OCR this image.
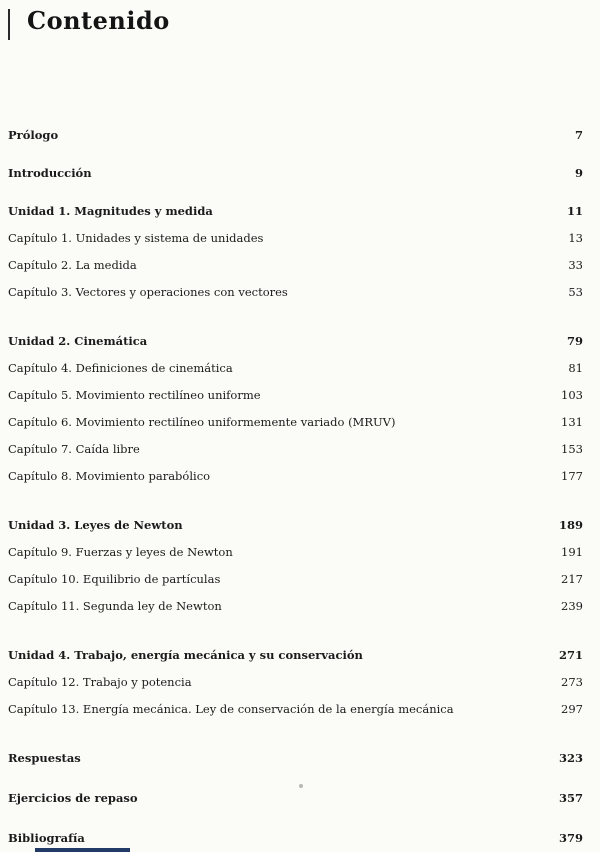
Contenido
Prólogo	7
Introducción	9
Unidad 1. Magnitudes y medida	11
Capítulo 1. Unidades y sistema de unidades	13
Capítulo 2. La medida	33
Capítulo 3. Vectores y operaciones con vectores	53
Unidad 2. Cinemática	79
Capítulo 4. Definiciones de cinemática	81
Capítulo 5. Movimiento rectilíneo uniforme	103
Capítulo 6. Movimiento rectilíneo uniformemente variado (MRUV)	131
Capítulo 7. Caída libre	153
Capítulo 8. Movimiento parabólico	177
Unidad 3. Leyes de Newton	189
Capítulo 9. Fuerzas y leyes de Newton	191
Capítulo 10. Equilibrio de partículas	217
Capítulo 11. Segunda ley de Newton	239
Unidad 4. Trabajo, energía mecánica y su conservación	271
Capítulo 12. Trabajo y potencia	273
Capítulo 13. Energía mecánica. Ley de conservación de la energía mecánica	297
Respuestas	323
Ejercicios de repaso	357
Bibliografía	379
